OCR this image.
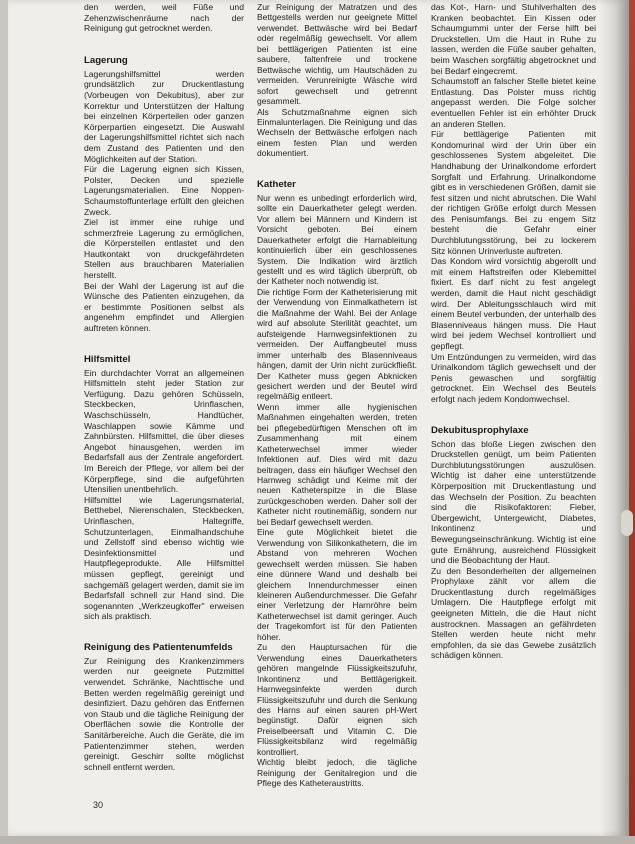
den werden, weil Füße und Zehenzwischenräume nach der Reinigung gut getrocknet werden.

Lagerung

Lagerungshilfsmittel werden grundsätzlich zur Druckentlastung (Vorbeugen von Dekubitus), aber zur Korrektur und Unterstützen der Haltung bei einzelnen Körperteilen oder ganzen Körperpartien eingesetzt. Die Auswahl der Lagerungshilfsmittel richtet sich nach dem Zustand des Patienten und den Möglichkeiten auf der Station.

Für die Lagerung eignen sich Kissen, Polster, Decken und spezielle Lagerungsmaterialien. Eine Noppen-Schaumstoffunterlage erfüllt den gleichen Zweck.

Ziel ist immer eine ruhige und schmerzfreie Lagerung zu ermöglichen, die Körperstellen entlastet und den Hautkontakt von druckgefährdeten Stellen aus brauchbaren Materialien herstellt.

Bei der Wahl der Lagerung ist auf die Wünsche des Patienten einzugehen, da er bestimmte Positionen selbst als angenehm empfindet und Allergien auftreten können.

Hilfsmittel

Ein durchdachter Vorrat an allgemeinen Hilfsmitteln steht jeder Station zur Verfügung. Dazu gehören Schüsseln, Steckbecken, Urinflaschen, Waschschüsseln, Handtücher, Waschlappen sowie Kämme und Zahnbürsten. Hilfsmittel, die über dieses Angebot hinausgehen, werden im Bedarfsfall aus der Zentrale angefordert. Im Bereich der Pflege, vor allem bei der Körperpflege, sind die aufgeführten Utensilien unentbehrlich.

Hilfsmittel wie Lagerungsmaterial, Betthebel, Nierenschalen, Steckbecken, Urinflaschen, Haltegriffe, Schutzunterlagen, Einmalhandschuhe und Zellstoff sind ebenso wichtig wie Desinfektionsmittel und Hautpflegeprodukte. Alle Hilfsmittel müssen gepflegt, gereinigt und sachgemäß gelagert werden, damit sie im Bedarfsfall schnell zur Hand sind. Die sogenannten „Werkzeugkoffer" erweisen sich als praktisch.

Reinigung des Patientenumfelds

Zur Reinigung des Krankenzimmers werden nur geeignete Putzmittel verwendet. Schränke, Nachttische und Betten werden regelmäßig gereinigt und desinfiziert. Dazu gehören das Entfernen von Staub und die tägliche Reinigung der Oberflächen sowie die Kontrolle der Sanitärbereiche. Auch die Geräte, die im Patientenzimmer stehen, werden gereinigt. Geschirr sollte möglichst schnell entfernt werden.

Zur Reinigung der Matratzen und des Bettgestells werden nur geeignete Mittel verwendet. Bettwäsche wird bei Bedarf oder regelmäßig gewechselt. Vor allem bei bettlägerigen Patienten ist eine saubere, faltenfreie und trockene Bettwäsche wichtig, um Hautschäden zu vermeiden. Verunreinigte Wäsche wird sofort gewechselt und getrennt gesammelt.

Als Schutzmaßnahme eignen sich Einmalunterlagen. Die Reinigung und das Wechseln der Bettwäsche erfolgen nach einem festen Plan und werden dokumentiert.

Katheter

Nur wenn es unbedingt erforderlich wird, sollte ein Dauerkatheter gelegt werden. Vor allem bei Männern und Kindern ist Vorsicht geboten. Bei einem Dauerkatheter erfolgt die Harnableitung kontinuierlich über ein geschlossenes System. Die Indikation wird ärztlich gestellt und es wird täglich überprüft, ob der Katheter noch notwendig ist.

Die richtige Form der Katheterisierung mit der Verwendung von Einmalkathetern ist die Maßnahme der Wahl. Bei der Anlage wird auf absolute Sterilität geachtet, um aufsteigende Harnwegsinfektionen zu vermeiden. Der Auffangbeutel muss immer unterhalb des Blasenniveaus hängen, damit der Urin nicht zurückfließt. Der Katheter muss gegen Abknicken gesichert werden und der Beutel wird regelmäßig entleert.

Wenn immer alle hygienischen Maßnahmen eingehalten werden, treten bei pflegebedürftigen Menschen oft im Zusammenhang mit einem Katheterwechsel immer wieder Infektionen auf. Dies wird mit dazu beitragen, dass ein häufiger Wechsel den Harnweg schädigt und Keime mit der neuen Katheterspitze in die Blase zurückgeschoben werden. Daher soll der Katheter nicht routinemäßig, sondern nur bei Bedarf gewechselt werden.

Eine gute Möglichkeit bietet die Verwendung von Silikonkathetern, die im Abstand von mehreren Wochen gewechselt werden müssen. Sie haben eine dünnere Wand und deshalb bei gleichem Innendurchmesser einen kleineren Außendurchmesser. Die Gefahr einer Verletzung der Harnröhre beim Katheterwechsel ist damit geringer. Auch der Tragekomfort ist für den Patienten höher.

Zu den Hauptursachen für die Verwendung eines Dauerkatheters gehören mangelnde Flüssigkeitszufuhr, Inkontinenz und Bettlägerigkeit. Harnwegsinfekte werden durch Flüssigkeitszufuhr und durch die Senkung des Harns auf einen sauren pH-Wert begünstigt. Dafür eignen sich Preiselbeersaft und Vitamin C. Die Flüssigkeitsbilanz wird regelmäßig kontrolliert.

Wichtig bleibt jedoch, die tägliche Reinigung der Genitalregion und die Pflege des Katheteraustritts.

das Kot-, Harn- und Stuhlverhalten des Kranken beobachtet. Ein Kissen oder Schaumgummi unter der Ferse hilft bei Druckstellen. Um die Haut in Ruhe zu lassen, werden die Füße sauber gehalten, beim Waschen sorgfältig abgetrocknet und bei Bedarf eingecremt.

Schaumstoff an falscher Stelle bietet keine Entlastung. Das Polster muss richtig angepasst werden. Die Folge solcher eventuellen Fehler ist ein erhöhter Druck an anderen Stellen.

Für bettlägerige Patienten mit Kondomurinal wird der Urin über ein geschlossenes System abgeleitet. Die Handhabung der Urinalkondome erfordert Sorgfalt und Erfahrung. Urinalkondome gibt es in verschiedenen Größen, damit sie fest sitzen und nicht abrutschen. Die Wahl der richtigen Größe erfolgt durch Messen des Penisumfangs. Bei zu engem Sitz besteht die Gefahr einer Durchblutungsstörung, bei zu lockerem Sitz können Urinverluste auftreten.

Das Kondom wird vorsichtig abgerollt und mit einem Haftstreifen oder Klebemittel fixiert. Es darf nicht zu fest angelegt werden, damit die Haut nicht geschädigt wird. Der Ableitungsschlauch wird mit einem Beutel verbunden, der unterhalb des Blasenniveaus hängen muss. Die Haut wird bei jedem Wechsel kontrolliert und gepflegt.

Um Entzündungen zu vermeiden, wird das Urinalkondom täglich gewechselt und der Penis gewaschen und sorgfältig getrocknet. Ein Wechsel des Beutels erfolgt nach jedem Kondomwechsel.

Dekubitusprophylaxe

Schon das bloße Liegen zwischen den Druckstellen genügt, um beim Patienten Durchblutungsstörungen auszulösen. Wichtig ist daher eine unterstützende Körperposition mit Druckentlastung und das Wechseln der Position. Zu beachten sind die Risikofaktoren: Fieber, Übergewicht, Untergewicht, Diabetes, Inkontinenz und Bewegungseinschränkung. Wichtig ist eine gute Ernährung, ausreichend Flüssigkeit und die Beobachtung der Haut.

Zu den Besonderheiten der allgemeinen Prophylaxe zählt vor allem die Druckentlastung durch regelmäßiges Umlagern. Die Hautpflege erfolgt mit geeigneten Mitteln, die die Haut nicht austrocknen. Massagen an gefährdeten Stellen werden heute nicht mehr empfohlen, da sie das Gewebe zusätzlich schädigen können.

30
